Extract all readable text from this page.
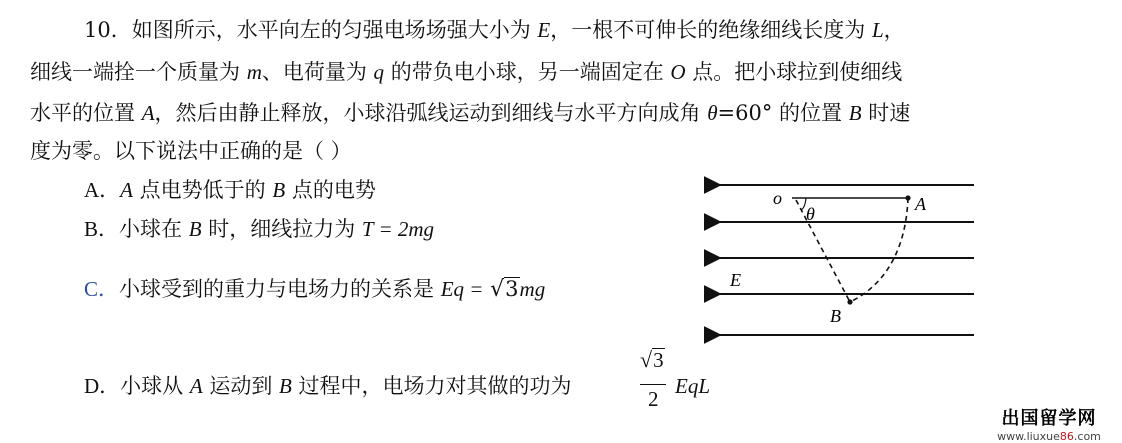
10．如图所示，水平向左的匀强电场场强大小为 E，一根不可伸长的绝缘细线长度为 L，
细线一端拴一个质量为 m、电荷量为 q 的带负电小球，另一端固定在 O 点。把小球拉到使细线
水平的位置 A，然后由静止释放，小球沿弧线运动到细线与水平方向成角 θ=60° 的位置 B 时速
度为零。以下说法中正确的是（ ）
A．A 点电势低于的 B 点的电势
B．小球在 B 时，细线拉力为 T = 2mg
C．小球受到的重力与电场力的关系是 Eq = √3mg
D．小球从 A 运动到 B 过程中，电场力对其做的功为
√3
2
EqL
o	A
θ
E
B
出国留学网
www.liuxue86.com
